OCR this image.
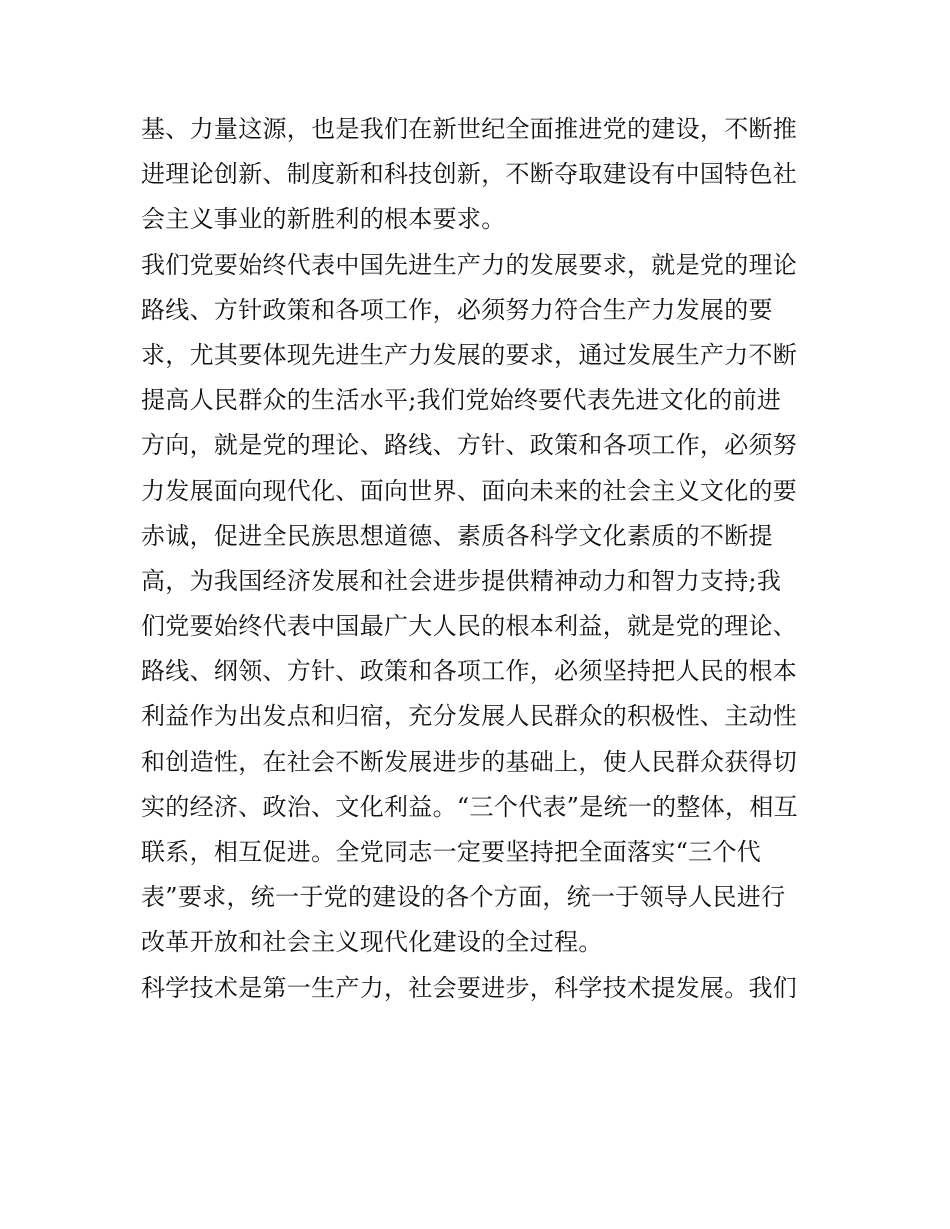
基、力量这源，也是我们在新世纪全面推进党的建设，不断推
进理论创新、制度新和科技创新，不断夺取建设有中国特色社
会主义事业的新胜利的根本要求。
我们党要始终代表中国先进生产力的发展要求，就是党的理论
路线、方针政策和各项工作，必须努力符合生产力发展的要
求，尤其要体现先进生产力发展的要求，通过发展生产力不断
提高人民群众的生活水平;我们党始终要代表先进文化的前进
方向，就是党的理论、路线、方针、政策和各项工作，必须努
力发展面向现代化、面向世界、面向未来的社会主义文化的要
赤诚，促进全民族思想道德、素质各科学文化素质的不断提
高，为我国经济发展和社会进步提供精神动力和智力支持;我
们党要始终代表中国最广大人民的根本利益，就是党的理论、
路线、纲领、方针、政策和各项工作，必须坚持把人民的根本
利益作为出发点和归宿，充分发展人民群众的积极性、主动性
和创造性，在社会不断发展进步的基础上，使人民群众获得切
实的经济、政治、文化利益。“三个代表”是统一的整体，相互
联系，相互促进。全党同志一定要坚持把全面落实“三个代
表”要求，统一于党的建设的各个方面，统一于领导人民进行
改革开放和社会主义现代化建设的全过程。
科学技术是第一生产力，社会要进步，科学技术提发展。我们
